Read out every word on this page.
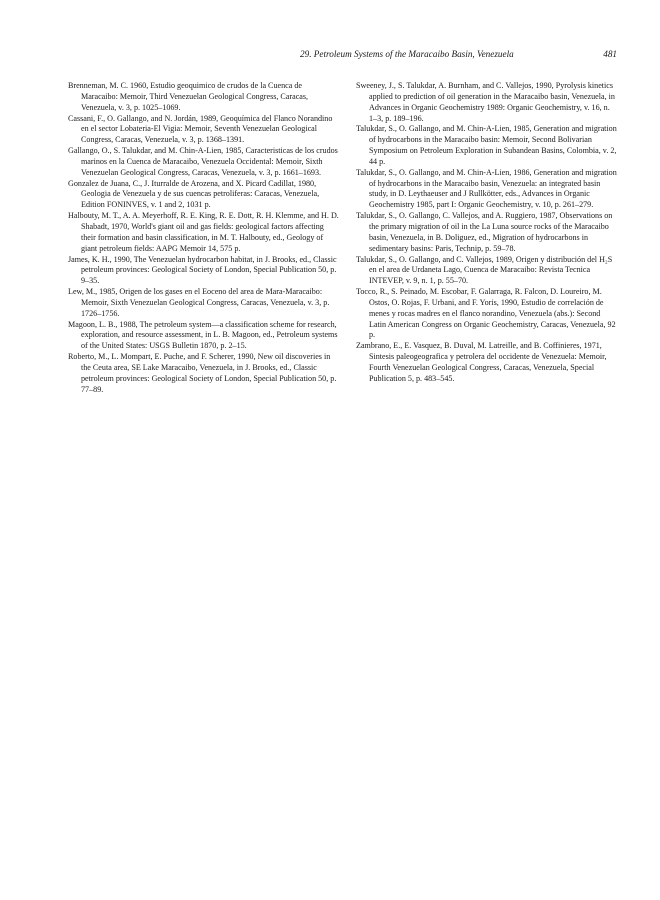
29. Petroleum Systems of the Maracaibo Basin, Venezuela	481

Brenneman, M. C. 1960, Estudio geoquimico de crudos de la Cuenca de Maracaibo: Memoir, Third Venezuelan Geological Congress, Caracas, Venezuela, v. 3, p. 1025–1069.

Cassani, F., O. Gallango, and N. Jordán, 1989, Geoquímica del Flanco Norandino en el sector Lobateria-El Vigia: Memoir, Seventh Venezuelan Geological Congress, Caracas, Venezuela, v. 3, p. 1368–1391.

Gallango, O., S. Talukdar, and M. Chin-A-Lien, 1985, Caracteristicas de los crudos marinos en la Cuenca de Maracaibo, Venezuela Occidental: Memoir, Sixth Venezuelan Geological Congress, Caracas, Venezuela, v. 3, p. 1661–1693.

Gonzalez de Juana, C., J. Iturralde de Arozena, and X. Picard Cadillat, 1980, Geologia de Venezuela y de sus cuencas petroliferas: Caracas, Venezuela, Edition FONINVES, v. 1 and 2, 1031 p.

Halbouty, M. T., A. A. Meyerhoff, R. E. King, R. E. Dott, R. H. Klemme, and H. D. Shabadt, 1970, World's giant oil and gas fields: geological factors affecting their formation and basin classification, in M. T. Halbouty, ed., Geology of giant petroleum fields: AAPG Memoir 14, 575 p.

James, K. H., 1990, The Venezuelan hydrocarbon habitat, in J. Brooks, ed., Classic petroleum provinces: Geological Society of London, Special Publication 50, p. 9–35.

Lew, M., 1985, Origen de los gases en el Eoceno del area de Mara-Maracaibo: Memoir, Sixth Venezuelan Geological Congress, Caracas, Venezuela, v. 3, p. 1726–1756.

Magoon, L. B., 1988, The petroleum system—a classification scheme for research, exploration, and resource assessment, in L. B. Magoon, ed., Petroleum systems of the United States: USGS Bulletin 1870, p. 2–15.

Roberto, M., L. Mompart, E. Puche, and F. Scherer, 1990, New oil discoveries in the Ceuta area, SE Lake Maracaibo, Venezuela, in J. Brooks, ed., Classic petroleum provinces: Geological Society of London, Special Publication 50, p. 77–89.

Sweeney, J., S. Talukdar, A. Burnham, and C. Vallejos, 1990, Pyrolysis kinetics applied to prediction of oil generation in the Maracaibo basin, Venezuela, in Advances in Organic Geochemistry 1989: Organic Geochemistry, v. 16, n. 1–3, p. 189–196.

Talukdar, S., O. Gallango, and M. Chin-A-Lien, 1985, Generation and migration of hydrocarbons in the Maracaibo basin: Memoir, Second Bolivarian Symposium on Petroleum Exploration in Subandean Basins, Colombia, v. 2, 44 p.

Talukdar, S., O. Gallango, and M. Chin-A-Lien, 1986, Generation and migration of hydrocarbons in the Maracaibo basin, Venezuela: an integrated basin study, in D. Leythaeuser and J Rullkötter, eds., Advances in Organic Geochemistry 1985, part I: Organic Geochemistry, v. 10, p. 261–279.

Talukdar, S., O. Gallango, C. Vallejos, and A. Ruggiero, 1987, Observations on the primary migration of oil in the La Luna source rocks of the Maracaibo basin, Venezuela, in B. Doliguez, ed., Migration of hydrocarbons in sedimentary basins: Paris, Technip, p. 59–78.

Talukdar, S., O. Gallango, and C. Vallejos, 1989, Origen y distribución del H₂S en el area de Urdaneta Lago, Cuenca de Maracaibo: Revista Tecnica INTEVEP, v. 9, n. 1, p. 55–70.

Tocco, R., S. Peinado, M. Escobar, F. Galarraga, R. Falcon, D. Loureiro, M. Ostos, O. Rojas, F. Urbani, and F. Yoris, 1990, Estudio de correlación de menes y rocas madres en el flanco norandino, Venezuela (abs.): Second Latin American Congress on Organic Geochemistry, Caracas, Venezuela, 92 p.

Zambrano, E., E. Vasquez, B. Duval, M. Latreille, and B. Coffinieres, 1971, Sintesis paleogeografica y petrolera del occidente de Venezuela: Memoir, Fourth Venezuelan Geological Congress, Caracas, Venezuela, Special Publication 5, p. 483–545.
